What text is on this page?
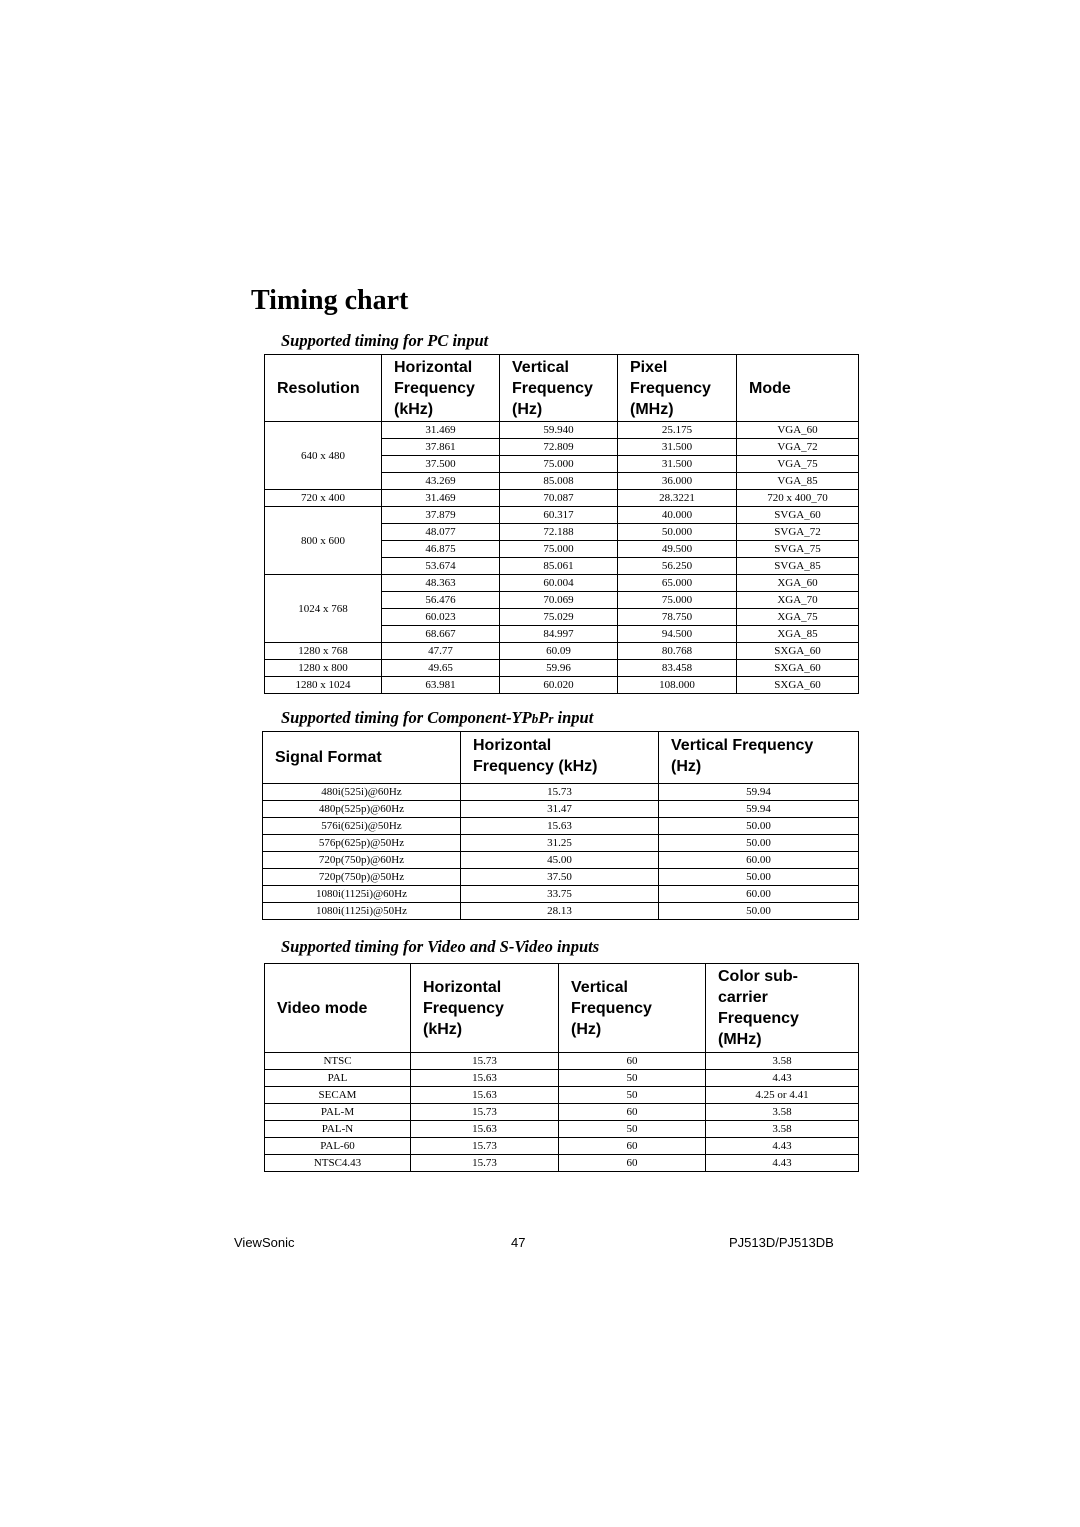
Timing chart
Supported timing for PC input
Resolution	Horizontal
Frequency
(kHz)	Vertical
Frequency
(Hz)	Pixel
Frequency
(MHz)	Mode

640 x 480	31.469	59.940	25.175	VGA_60
	37.861	72.809	31.500	VGA_72
	37.500	75.000	31.500	VGA_75
	43.269	85.008	36.000	VGA_85
720 x 400	31.469	70.087	28.3221	720 x 400_70
800 x 600	37.879	60.317	40.000	SVGA_60
	48.077	72.188	50.000	SVGA_72
	46.875	75.000	49.500	SVGA_75
	53.674	85.061	56.250	SVGA_85
1024 x 768	48.363	60.004	65.000	XGA_60
	56.476	70.069	75.000	XGA_70
	60.023	75.029	78.750	XGA_75
	68.667	84.997	94.500	XGA_85
1280 x 768	47.77	60.09	80.768	SXGA_60
1280 x 800	49.65	59.96	83.458	SXGA_60
1280 x 1024	63.981	60.020	108.000	SXGA_60
Supported timing for Component-YPbPr input
Signal Format	Horizontal
Frequency (kHz)	Vertical Frequency
(Hz)

480i(525i)@60Hz	15.73	59.94
480p(525p)@60Hz	31.47	59.94
576i(625i)@50Hz	15.63	50.00
576p(625p)@50Hz	31.25	50.00
720p(750p)@60Hz	45.00	60.00
720p(750p)@50Hz	37.50	50.00
1080i(1125i)@60Hz	33.75	60.00
1080i(1125i)@50Hz	28.13	50.00
Supported timing for Video and S-Video inputs
Video mode	Horizontal
Frequency
(kHz)	Vertical
Frequency
(Hz)	Color sub-
carrier
Frequency
(MHz)

NTSC	15.73	60	3.58
PAL	15.63	50	4.43
SECAM	15.63	50	4.25 or 4.41
PAL-M	15.73	60	3.58
PAL-N	15.63	50	3.58
PAL-60	15.73	60	4.43
NTSC4.43	15.73	60	4.43
ViewSonic	47	PJ513D/PJ513DB
